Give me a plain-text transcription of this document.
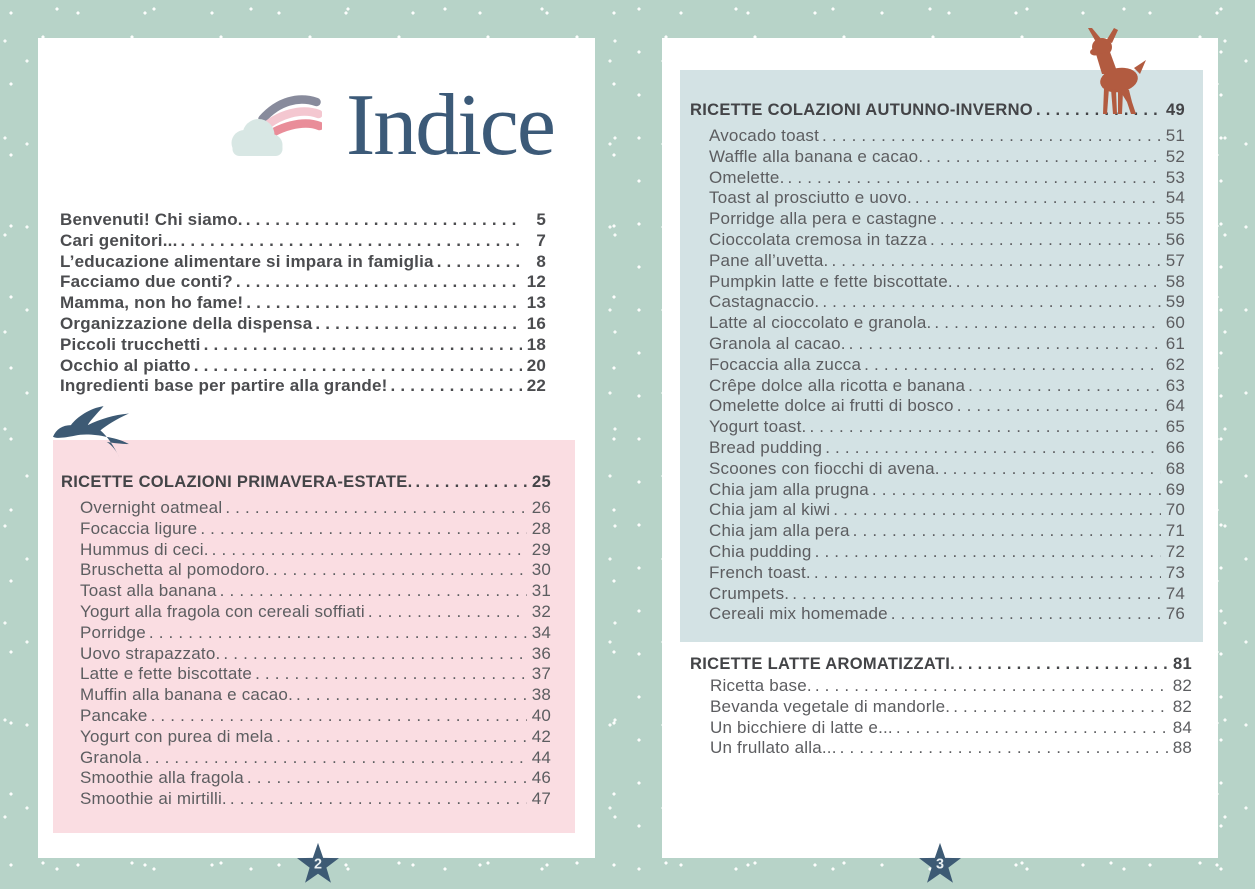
Indice
Benvenuti! Chi siamo. . . .	5
Cari genitori... . . .	7
L’educazione alimentare si impara in famiglia . . .	8
Facciamo due conti? . . .	12
Mamma, non ho fame! . . .	13
Organizzazione della dispensa . . .	16
Piccoli trucchetti . . .	18
Occhio al piatto . . .	20
Ingredienti base per partire alla grande! . . .	22
RICETTE COLAZIONI PRIMAVERA-ESTATE. . . .	25
Overnight oatmeal . . .	26
Focaccia ligure . . .	28
Hummus di ceci. . . .	29
Bruschetta al pomodoro. . . .	30
Toast alla banana . . .	31
Yogurt alla fragola con cereali soffiati . . .	32
Porridge . . .	34
Uovo strapazzato. . . .	36
Latte e fette biscottate . . .	37
Muffin alla banana e cacao. . . .	38
Pancake . . .	40
Yogurt con purea di mela . . .	42
Granola . . .	44
Smoothie alla fragola . . .	46
Smoothie ai mirtilli. . . .	47
2
RICETTE COLAZIONI AUTUNNO-INVERNO . . .	49
Avocado toast . . .	51
Waffle alla banana e cacao. . . .	52
Omelette. . . .	53
Toast al prosciutto e uovo. . . .	54
Porridge alla pera e castagne . . .	55
Cioccolata cremosa in tazza . . .	56
Pane all’uvetta. . . .	57
Pumpkin latte e fette biscottate. . . .	58
Castagnaccio. . . .	59
Latte al cioccolato e granola. . . .	60
Granola al cacao. . . .	61
Focaccia alla zucca . . .	62
Crêpe dolce alla ricotta e banana . . .	63
Omelette dolce ai frutti di bosco . . .	64
Yogurt toast. . . .	65
Bread pudding . . .	66
Scoones con fiocchi di avena. . . .	68
Chia jam alla prugna . . .	69
Chia jam al kiwi . . .	70
Chia jam alla pera . . .	71
Chia pudding . . .	72
French toast. . . .	73
Crumpets. . . .	74
Cereali mix homemade . . .	76
RICETTE LATTE AROMATIZZATI. . . .	81
Ricetta base. . . .	82
Bevanda vegetale di mandorle. . . .	82
Un bicchiere di latte e... . . .	84
Un frullato alla... . . .	88
3
